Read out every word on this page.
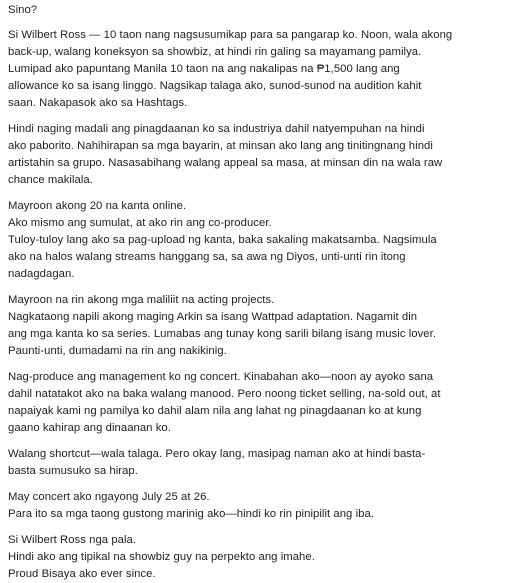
Sino?
Si Wilbert Ross — 10 taon nang nagsusumikap para sa pangarap ko. Noon, wala akong
back-up, walang koneksyon sa showbiz, at hindi rin galing sa mayamang pamilya.
Lumipad ako papuntang Manila 10 taon na ang nakalipas na ₱1,500 lang ang
allowance ko sa isang linggo. Nagsikap talaga ako, sunod-sunod na audition kahit
saan. Nakapasok ako sa Hashtags.
Hindi naging madali ang pinagdaanan ko sa industriya dahil natyempuhan na hindi
ako paborito. Nahihirapan sa mga bayarin, at minsan ako lang ang tinitingnang hindi
artistahin sa grupo. Nasasabihang walang appeal sa masa, at minsan din na wala raw
chance makilala.
Mayroon akong 20 na kanta online.
Ako mismo ang sumulat, at ako rin ang co-producer.
Tuloy-tuloy lang ako sa pag-upload ng kanta, baka sakaling makatsamba. Nagsimula
ako na halos walang streams hanggang sa, sa awa ng Diyos, unti-unti rin itong
nadagdagan.
Mayroon na rin akong mga maliliit na acting projects.
Nagkataong napili akong maging Arkin sa isang Wattpad adaptation. Nagamit din
ang mga kanta ko sa series. Lumabas ang tunay kong sarili bilang isang music lover.
Paunti-unti, dumadami na rin ang nakikinig.
Nag-produce ang management ko ng concert. Kinabahan ako—noon ay ayoko sana
dahil natatakot ako na baka walang manood. Pero noong ticket selling, na-sold out, at
napaiyak kami ng pamilya ko dahil alam nila ang lahat ng pinagdaanan ko at kung
gaano kahirap ang dinaanan ko.
Walang shortcut—wala talaga. Pero okay lang, masipag naman ako at hindi basta-
basta sumusuko sa hirap.
May concert ako ngayong July 25 at 26.
Para ito sa mga taong gustong marinig ako—hindi ko rin pinipilit ang iba.
Si Wilbert Ross nga pala.
Hindi ako ang tipikal na showbiz guy na perpekto ang imahe.
Proud Bisaya ako ever since.
